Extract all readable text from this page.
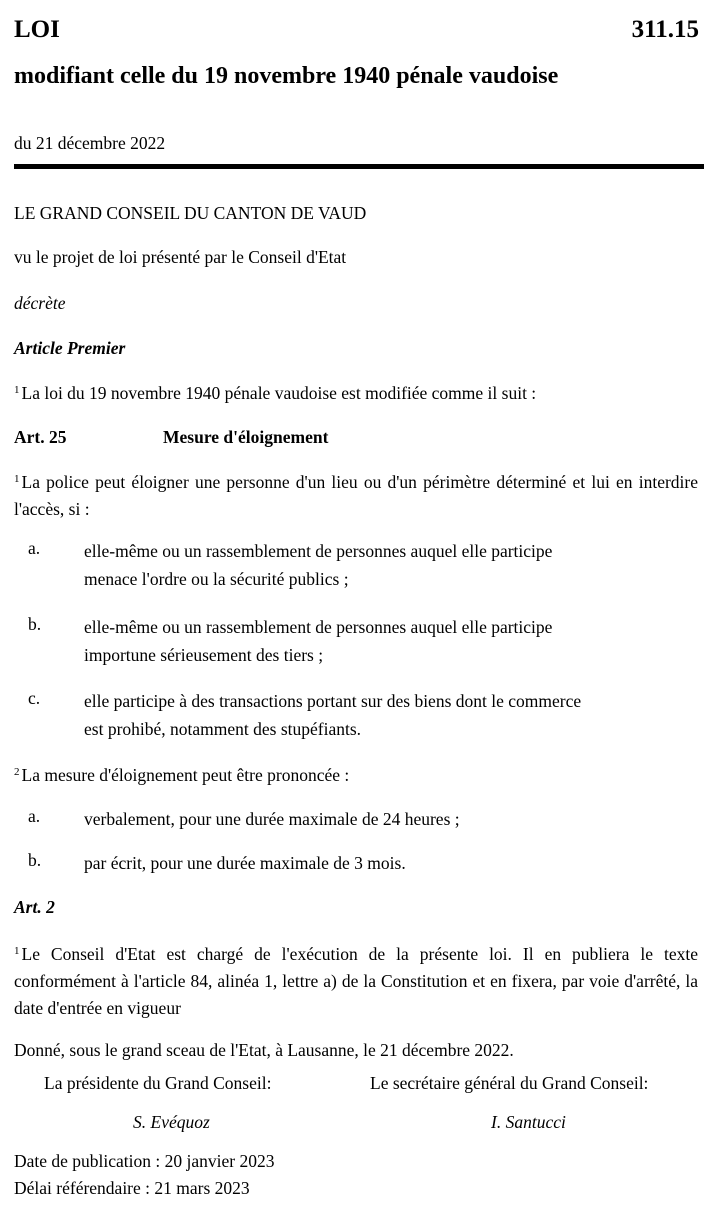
LOI	311.15
modifiant celle du 19 novembre 1940 pénale vaudoise
du 21 décembre 2022
LE GRAND CONSEIL DU CANTON DE VAUD
vu le projet de loi présenté par le Conseil d'Etat
décrète
Article Premier
$^1$ La loi du 19 novembre 1940 pénale vaudoise est modifiée comme il suit :
Art. 25	Mesure d'éloignement
$^1$ La police peut éloigner une personne d'un lieu ou d'un périmètre déterminé et lui en interdire l'accès, si :
a.	elle-même ou un rassemblement de personnes auquel elle participe
menace l'ordre ou la sécurité publics ;
b. elle-même ou un rassemblement de personnes auquel elle participe
importune sérieusement des tiers ;
c.	elle participe à des transactions portant sur des biens dont le commerce
est prohibé, notamment des stupéfiants.
$^2$ La mesure d'éloignement peut être prononcée :
a.	verbalement, pour une durée maximale de 24 heures ;
b. par écrit, pour une durée maximale de 3 mois.
Art. 2
$^1$ Le Conseil d'Etat est chargé de l'exécution de la présente loi. Il en publiera le texte conformément à l'article 84, alinéa 1, lettre a) de la Constitution et en fixera, par voie d'arrêté, la date d'entrée en vigueur
Donné, sous le grand sceau de l'Etat, à Lausanne, le 21 décembre 2022.
La présidente du Grand Conseil:	Le secrétaire général du Grand Conseil:
S. Evéquoz	I. Santucci
Date de publication : 20 janvier 2023
Délai référendaire : 21 mars 2023
